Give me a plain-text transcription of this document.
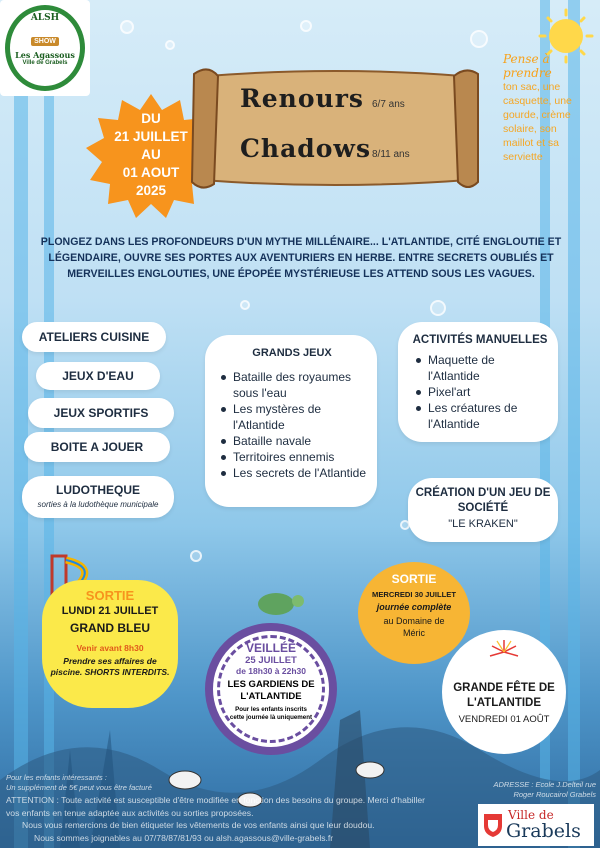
ALSH
SHOW
Les Agassous
Ville de Grabels
DU
21 JUILLET
AU
01 AOUT
2025
Renours 6/7 ans
Chadows 8/11 ans
Pense à prendre
ton sac, une casquette, une gourde, crème solaire, son maillot et sa serviette
PLONGEZ DANS LES PROFONDEURS D'UN MYTHE MILLÉNAIRE... L'ATLANTIDE, CITÉ ENGLOUTIE ET LÉGENDAIRE, OUVRE SES PORTES AUX AVENTURIERS EN HERBE. ENTRE SECRETS OUBLIÉS ET MERVEILLES ENGLOUTIES, UNE ÉPOPÉE MYSTÉRIEUSE LES ATTEND SOUS LES VAGUES.
ATELIERS CUISINE
JEUX D'EAU
JEUX SPORTIFS
BOITE A JOUER
LUDOTHEQUE
sorties à la ludothèque municipale
GRANDS JEUX
Bataille des royaumes sous l'eau
Les mystères de l'Atlantide
Bataille navale
Territoires ennemis
Les secrets de l'Atlantide
ACTIVITÉS MANUELLES
Maquette de l'Atlantide
Pixel'art
Les créatures de l'Atlantide
CRÉATION D'UN JEU DE SOCIÉTÉ
"LE KRAKEN"
SORTIE
LUNDI 21 JUILLET
GRAND BLEU
Venir avant 8h30
Prendre ses affaires de piscine. SHORTS INTERDITS.
SORTIE
MERCREDI 30 JUILLET
journée complète
au Domaine de Méric
VEILLÉE
25 JUILLET
de 18h30 à 22h30
LES GARDIENS DE L'ATLANTIDE
Pour les enfants inscrits cette journée là uniquement
GRANDE FÊTE DE L'ATLANTIDE
VENDREDI 01 AOÛT
Pour les enfants intéressants :
Un supplément de 5€ peut vous être facturé
ATTENTION : Toute activité est susceptible d'être modifiée en fonction des besoins du groupe. Merci d'habiller vos enfants en tenue adaptée aux activités ou sorties proposées.
Nous vous remercions de bien étiqueter les vêtements de vos enfants ainsi que leur doudou.
Nous sommes joignables au 07/78/87/81/93 ou alsh.agassous@ville-grabels.fr
ADRESSE : Ecole J.Delteil rue Roger Roucairol Grabels
Ville de
Grabels
